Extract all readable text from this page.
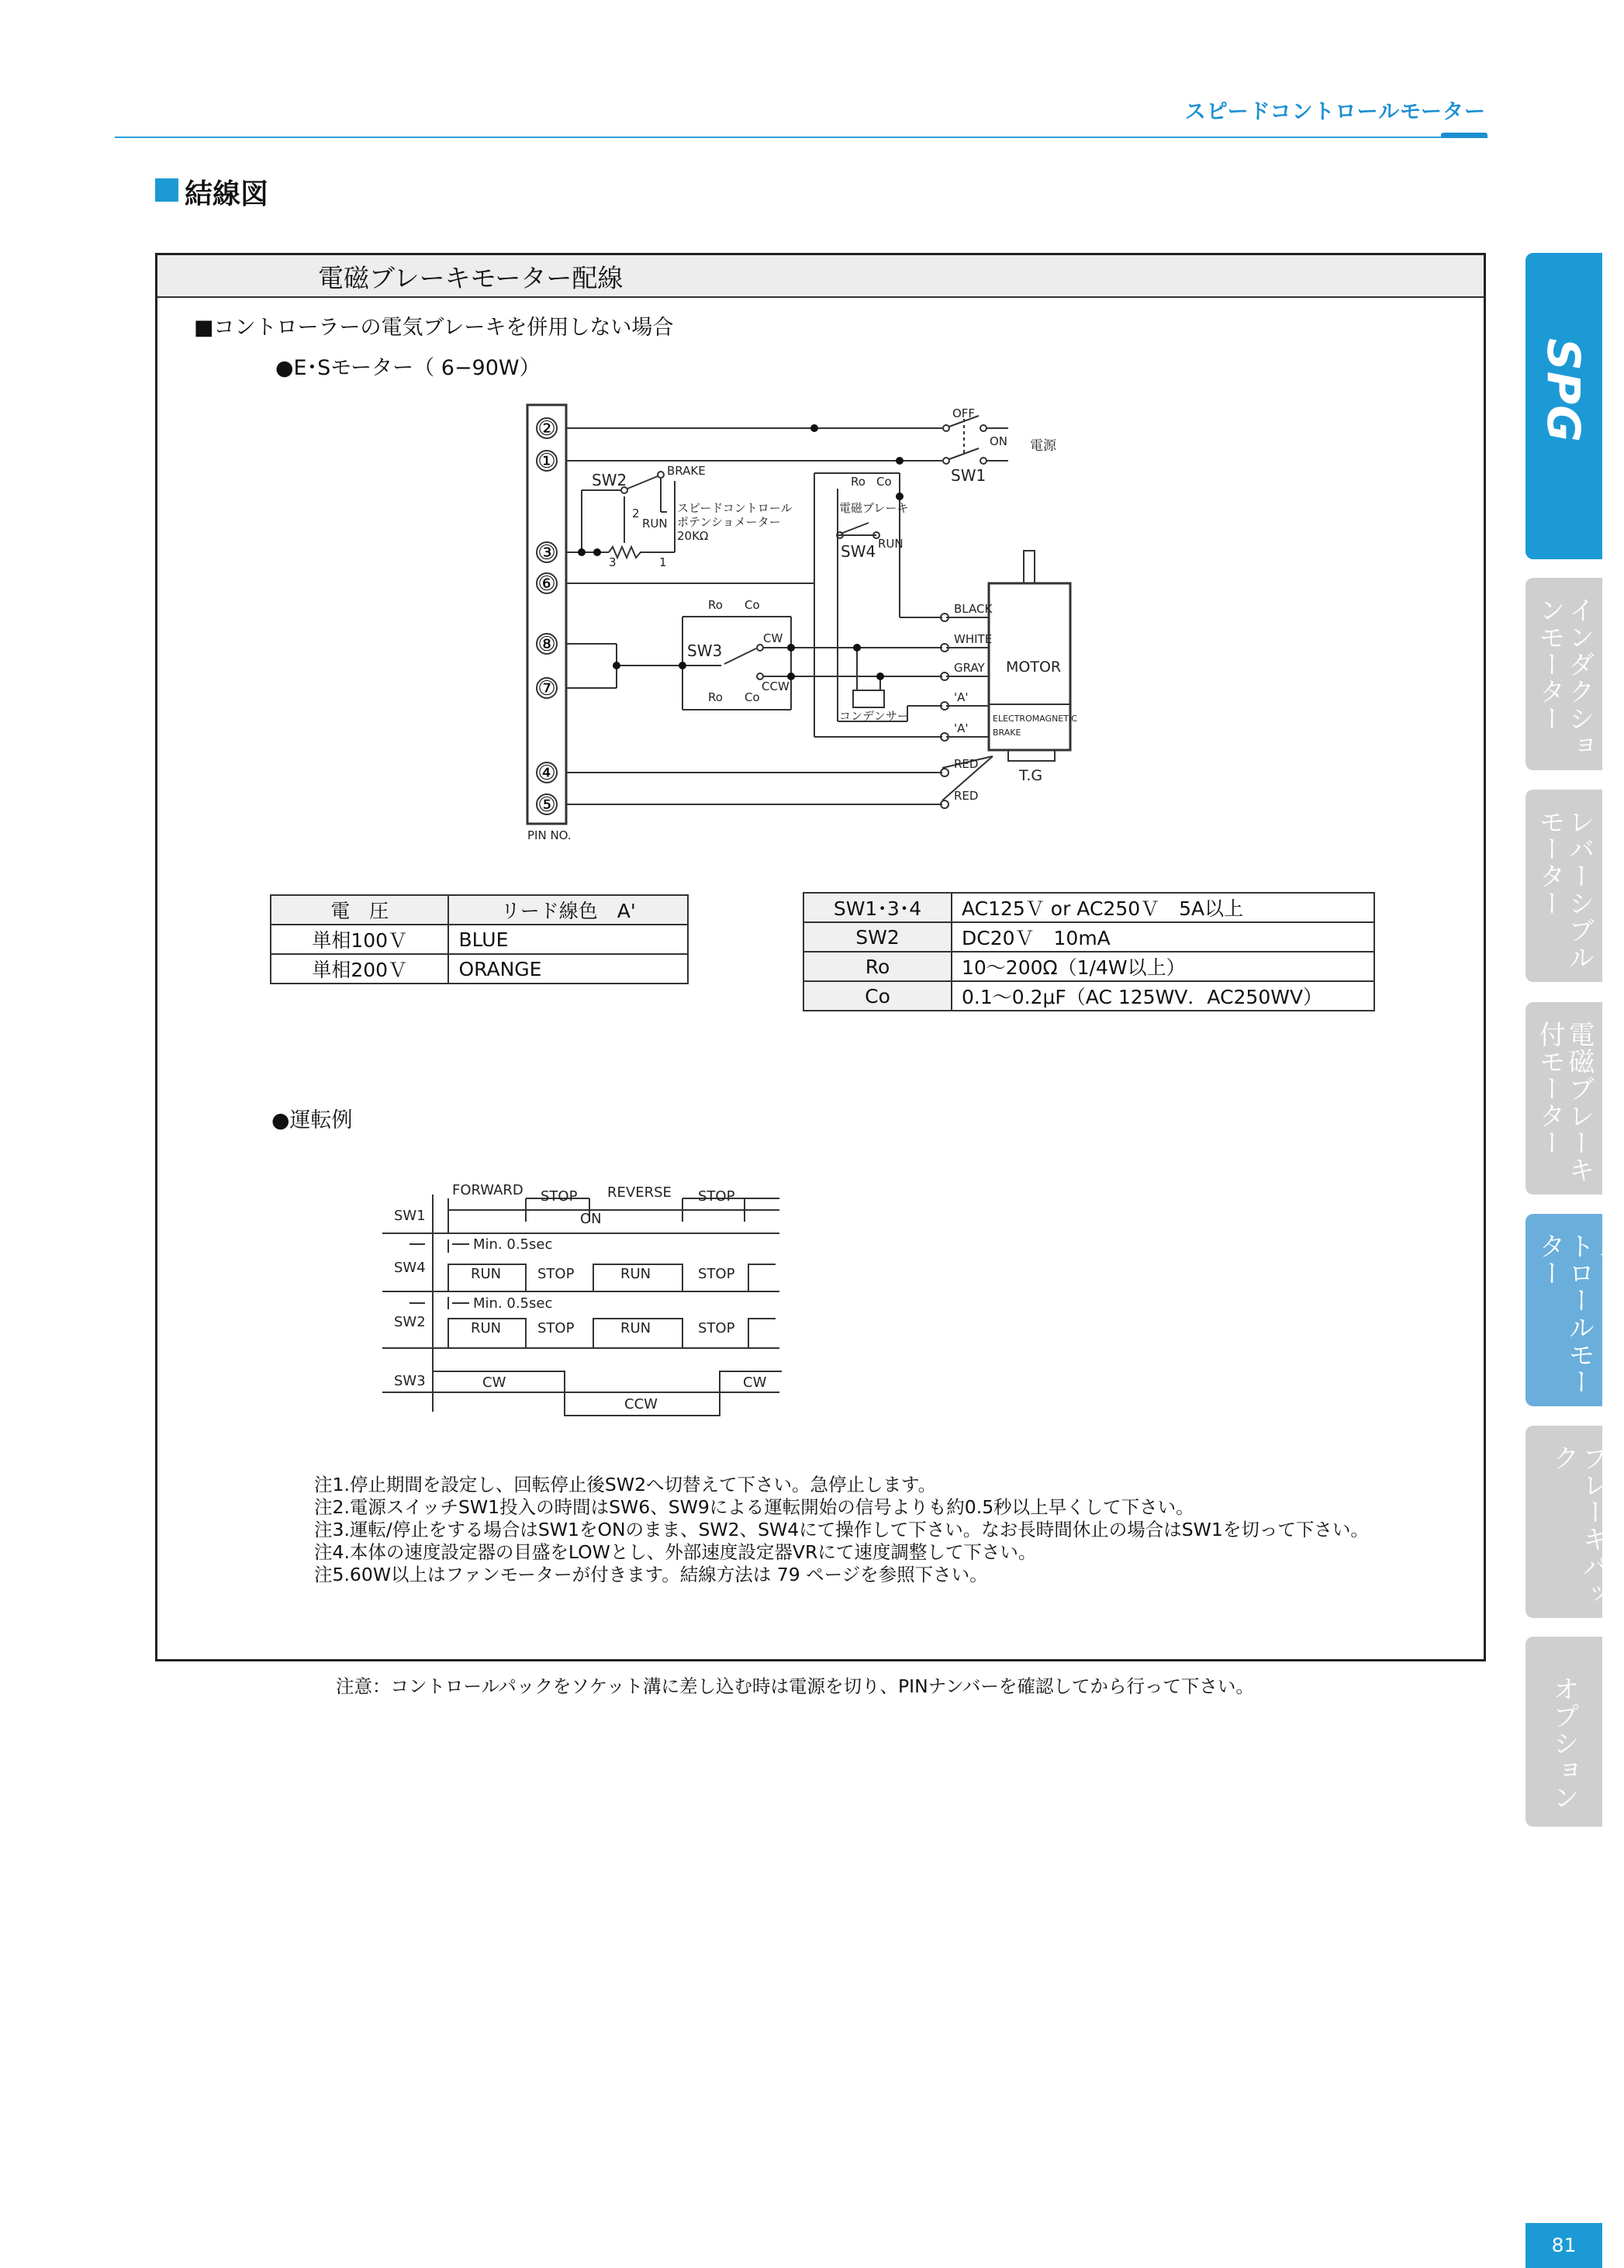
スピードコントロールモーター
結線図
電磁ブレーキモーター配線
■コントローラーの電気ブレーキを併用しない場合
●E･Sモーター（ 6−90W）
②
①
③
⑥
⑧
⑦
④
⑤
PIN NO.
OFF
ON 電源
SW1
SW2	BRAKE
RUN
2
3	1
スピードコントロール
ポテンショメーター
20KΩ
Ro Co
電磁ブレーキ
RUN
SW4
Ro Co
SW3
CW
CCW
Ro Co
コンデンサー
BLACK
WHITE
GRAY
'A'
'A'
RED
RED
MOTOR
ELECTROMAGNETIC
BRAKE
T.G
電　圧	リード線色　A'
単相100Ｖ	BLUE
単相200Ｖ	ORANGE
SW1･3･4	AC125Ｖ or AC250Ｖ　5A以上
SW2	DC20Ｖ　10mA
Ro	10〜200Ω（1/4W以上）
Co	0.1〜0.2μF（AC 125WV．AC250WV）
●運転例
FORWARD STOP REVERSE STOP
ON
SW1
SW4
SW2
SW3
Min. 0.5sec
Min. 0.5sec
RUN	STOP	RUN	STOP
RUN	STOP	RUN	STOP
CW
CCW
CW
注1.停止期間を設定し、回転停止後SW2へ切替えて下さい。急停止します。
注2.電源スイッチSW1投入の時間はSW6、SW9による運転開始の信号よりも約0.5秒以上早くして下さい。
注3.運転/停止をする場合はSW1をONのまま、SW2、SW4にて操作して下さい。なお長時間休止の場合はSW1を切って下さい。
注4.本体の速度設定器の目盛をLOWとし、外部速度設定器VRにて速度調整して下さい。
注5.60W以上はファンモーターが付きます。結線方法は 79 ページを参照下さい。
注意：コントロールパックをソケット溝に差し込む時は電源を切り、PINナンバーを確認してから行って下さい。
SPG
インダクションモーター
レバーシブルモーター
電磁ブレーキ付モーター
スピードコントロールモーター
ブレーキパック
オプション
81
